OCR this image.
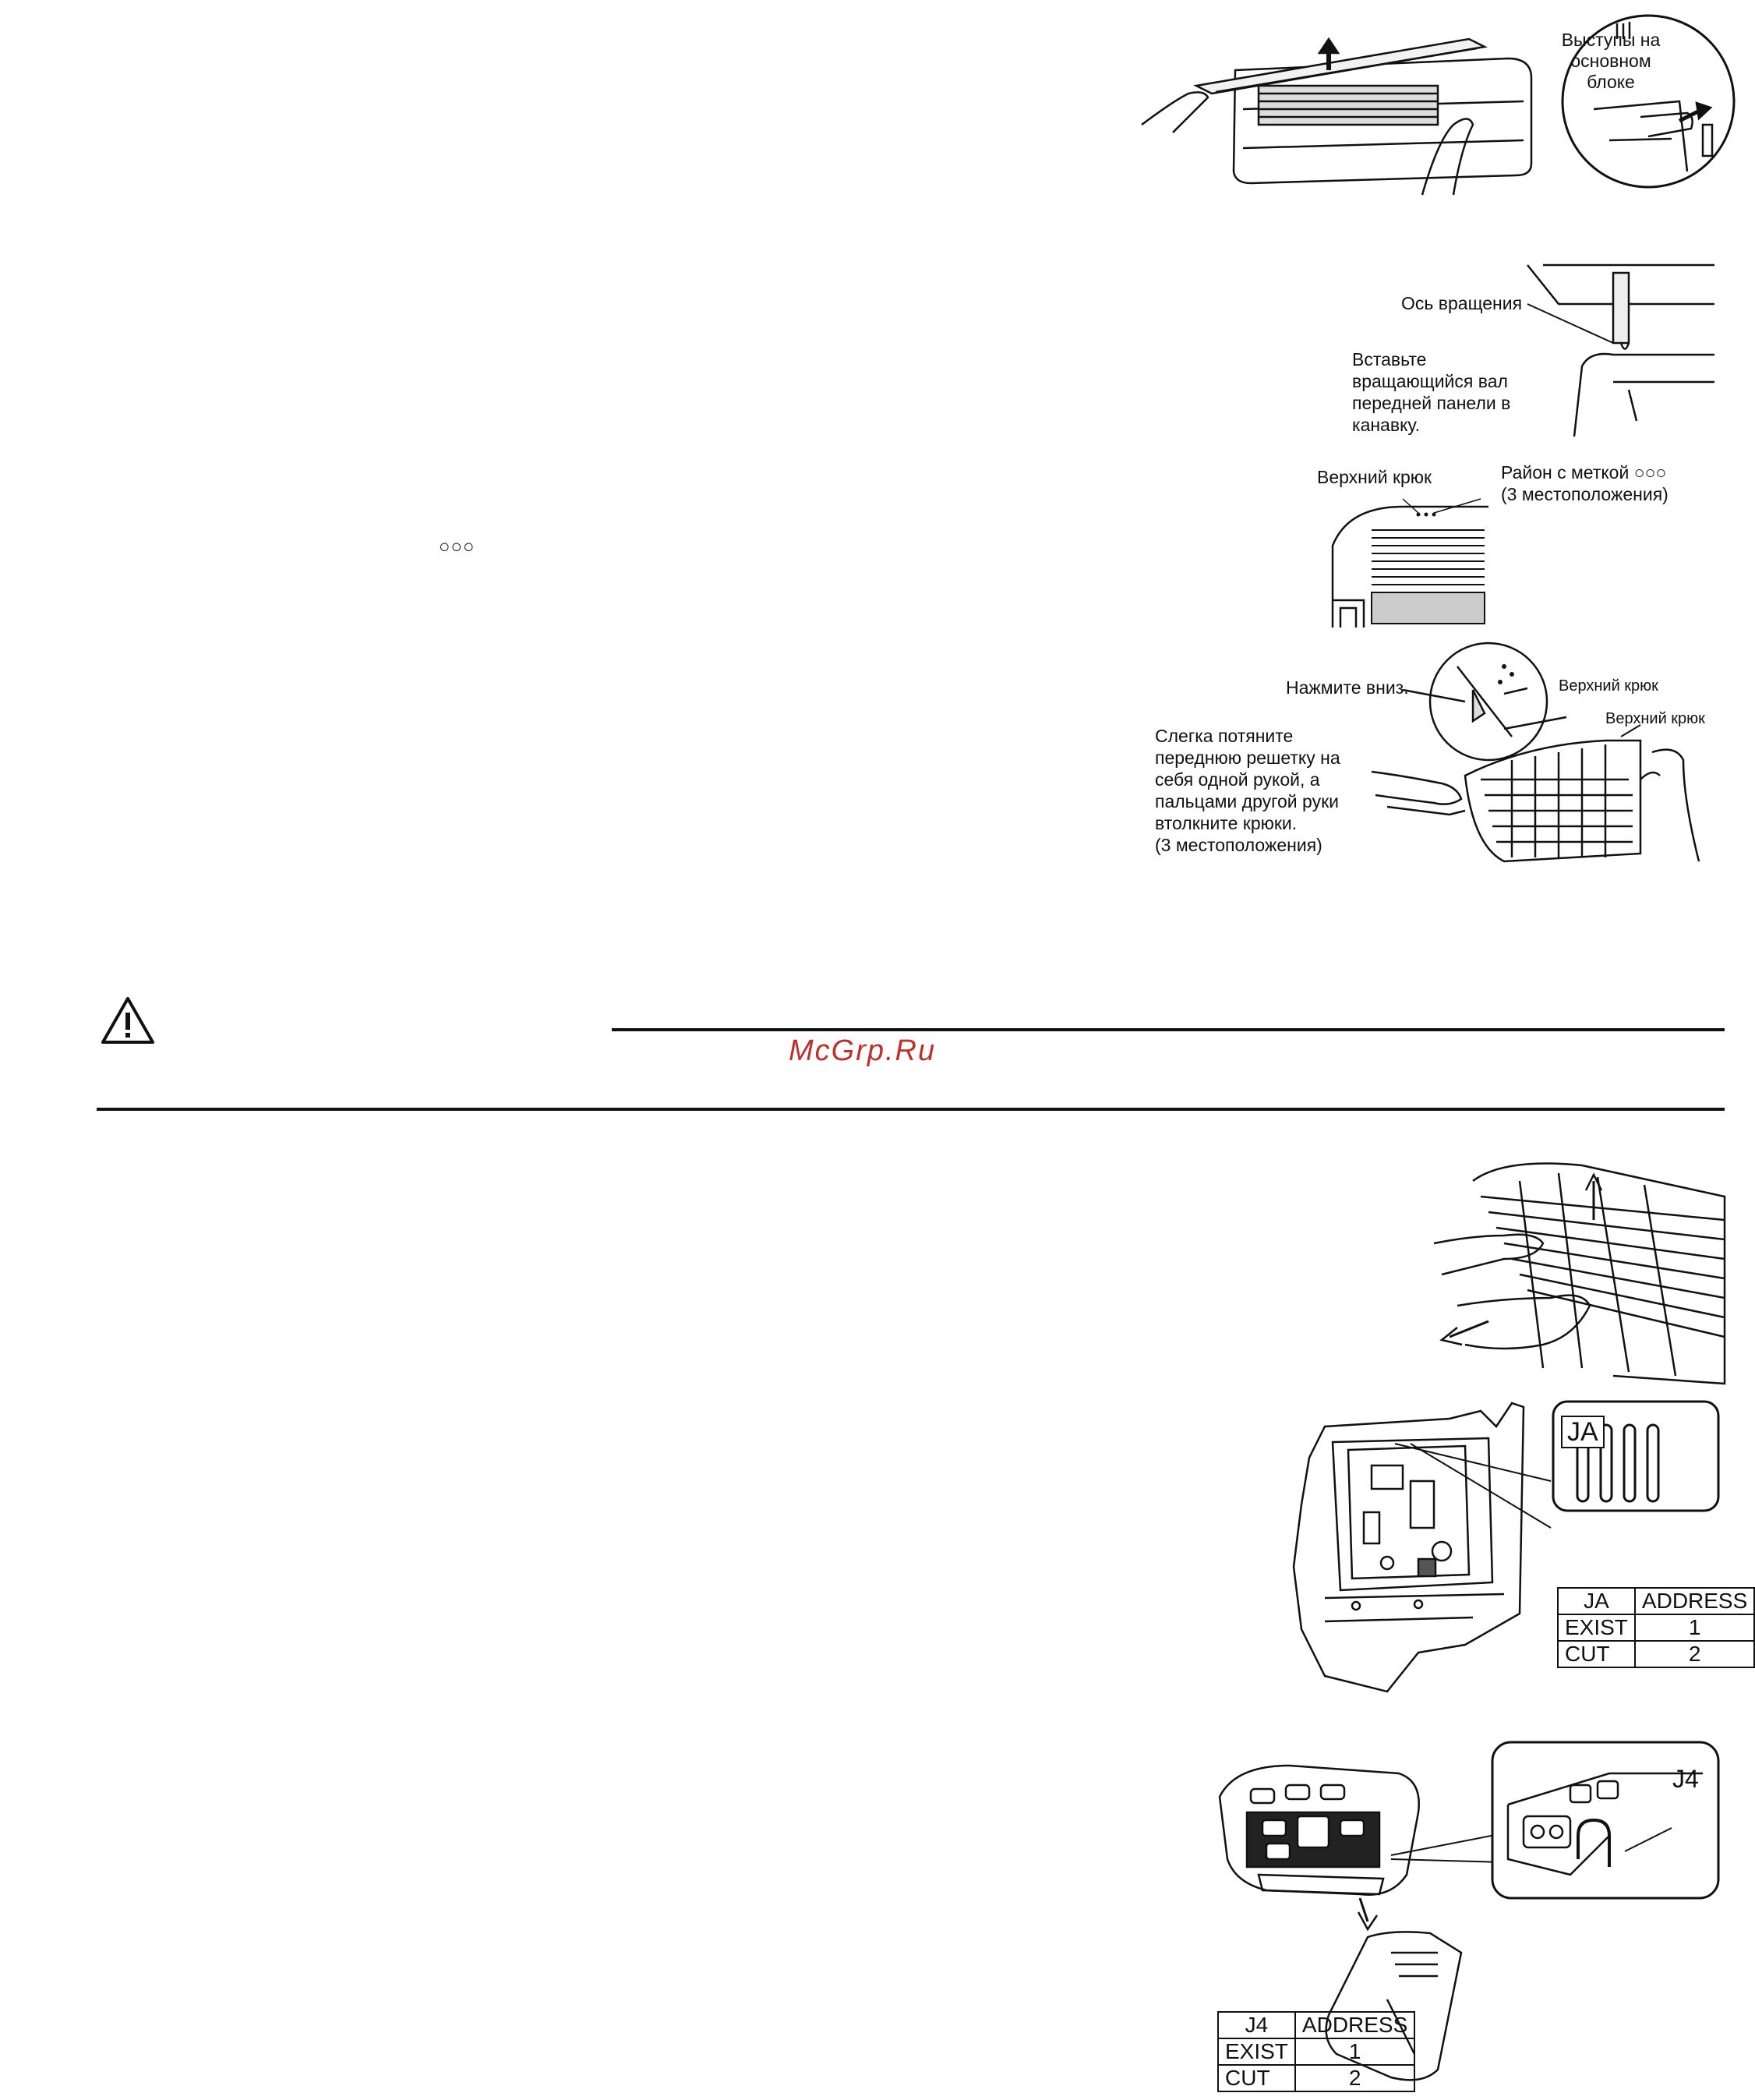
Выступы на основном блоке
Ось вращения
Вставьте
вращающийся вал
передней панели в
канавку.
Верхний крюк	Район с меткой ○○○
(3 местоположения)
○○○
Нажмите вниз.	Верхний крюк
Верхний крюк
Слегка потяните
переднюю решетку на
себя одной рукой, а
пальцами другой руки
втолкните крюки.
(3 местоположения)
McGrp.Ru
JA
JA	ADDRESS
EXIST	1
CUT	2
J4
J4	ADDRESS
EXIST	1
CUT	2
